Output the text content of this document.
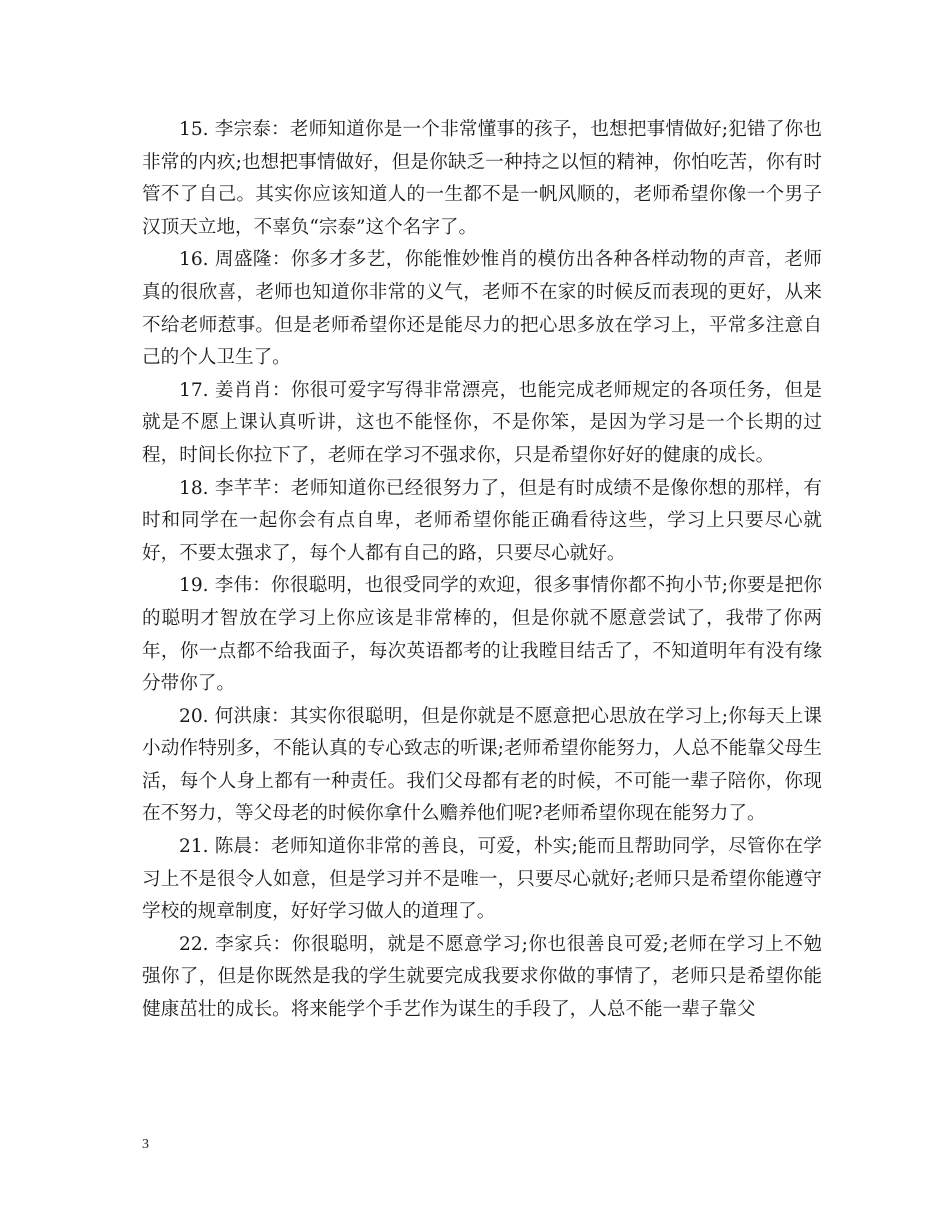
15. 李宗泰：老师知道你是一个非常懂事的孩子，也想把事情做好;犯错了你也非常的内疚;也想把事情做好，但是你缺乏一种持之以恒的精神，你怕吃苦，你有时管不了自己。其实你应该知道人的一生都不是一帆风顺的，老师希望你像一个男子汉顶天立地，不辜负“宗泰”这个名字了。

16. 周盛隆：你多才多艺，你能惟妙惟肖的模仿出各种各样动物的声音，老师真的很欣喜，老师也知道你非常的义气，老师不在家的时候反而表现的更好，从来不给老师惹事。但是老师希望你还是能尽力的把心思多放在学习上，平常多注意自己的个人卫生了。

17. 姜肖肖：你很可爱字写得非常漂亮，也能完成老师规定的各项任务，但是就是不愿上课认真听讲，这也不能怪你，不是你笨，是因为学习是一个长期的过程，时间长你拉下了，老师在学习不强求你，只是希望你好好的健康的成长。

18. 李芊芊：老师知道你已经很努力了，但是有时成绩不是像你想的那样，有时和同学在一起你会有点自卑，老师希望你能正确看待这些，学习上只要尽心就好，不要太强求了，每个人都有自己的路，只要尽心就好。

19. 李伟：你很聪明，也很受同学的欢迎，很多事情你都不拘小节;你要是把你的聪明才智放在学习上你应该是非常棒的，但是你就不愿意尝试了，我带了你两年，你一点都不给我面子，每次英语都考的让我瞠目结舌了，不知道明年有没有缘分带你了。

20. 何洪康：其实你很聪明，但是你就是不愿意把心思放在学习上;你每天上课小动作特别多，不能认真的专心致志的听课;老师希望你能努力，人总不能靠父母生活，每个人身上都有一种责任。我们父母都有老的时候，不可能一辈子陪你，你现在不努力，等父母老的时候你拿什么赡养他们呢?老师希望你现在能努力了。

21. 陈晨：老师知道你非常的善良，可爱，朴实;能而且帮助同学，尽管你在学习上不是很令人如意，但是学习并不是唯一，只要尽心就好;老师只是希望你能遵守学校的规章制度，好好学习做人的道理了。

22. 李家兵：你很聪明，就是不愿意学习;你也很善良可爱;老师在学习上不勉强你了，但是你既然是我的学生就要完成我要求你做的事情了，老师只是希望你能健康茁壮的成长。将来能学个手艺作为谋生的手段了，人总不能一辈子靠父

3
